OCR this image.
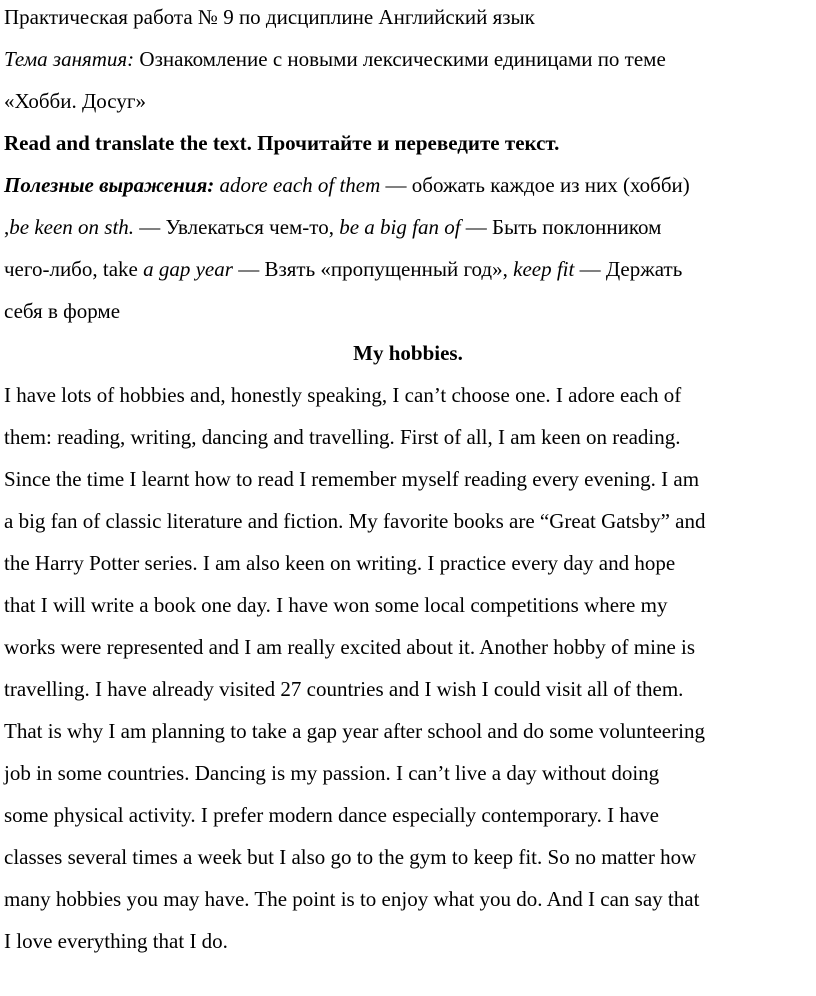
Практическая работа № 9 по дисциплине Английский язык

Тема занятия: Ознакомление с новыми лексическими единицами по теме

«Хобби. Досуг»

Read and translate the text. Прочитайте и переведите текст.

Полезные выражения: adore each of them — обожать каждое из них (хобби)

,be keen on sth. — Увлекаться чем-то, be a big fan of — Быть поклонником

чего-либо, take a gap year — Взять «пропущенный год», keep fit — Держать

себя в форме

My hobbies.

I have lots of hobbies and, honestly speaking, I can’t choose one. I adore each of

them: reading, writing, dancing and travelling. First of all, I am keen on reading.

Since the time I learnt how to read I remember myself reading every evening. I am

a big fan of classic literature and fiction. My favorite books are “Great Gatsby” and

the Harry Potter series. I am also keen on writing. I practice every day and hope

that I will write a book one day. I have won some local competitions where my

works were represented and I am really excited about it. Another hobby of mine is

travelling. I have already visited 27 countries and I wish I could visit all of them.

That is why I am planning to take a gap year after school and do some volunteering

job in some countries. Dancing is my passion. I can’t live a day without doing

some physical activity. I prefer modern dance especially contemporary. I have

classes several times a week but I also go to the gym to keep fit. So no matter how

many hobbies you may have. The point is to enjoy what you do. And I can say that

I love everything that I do.
